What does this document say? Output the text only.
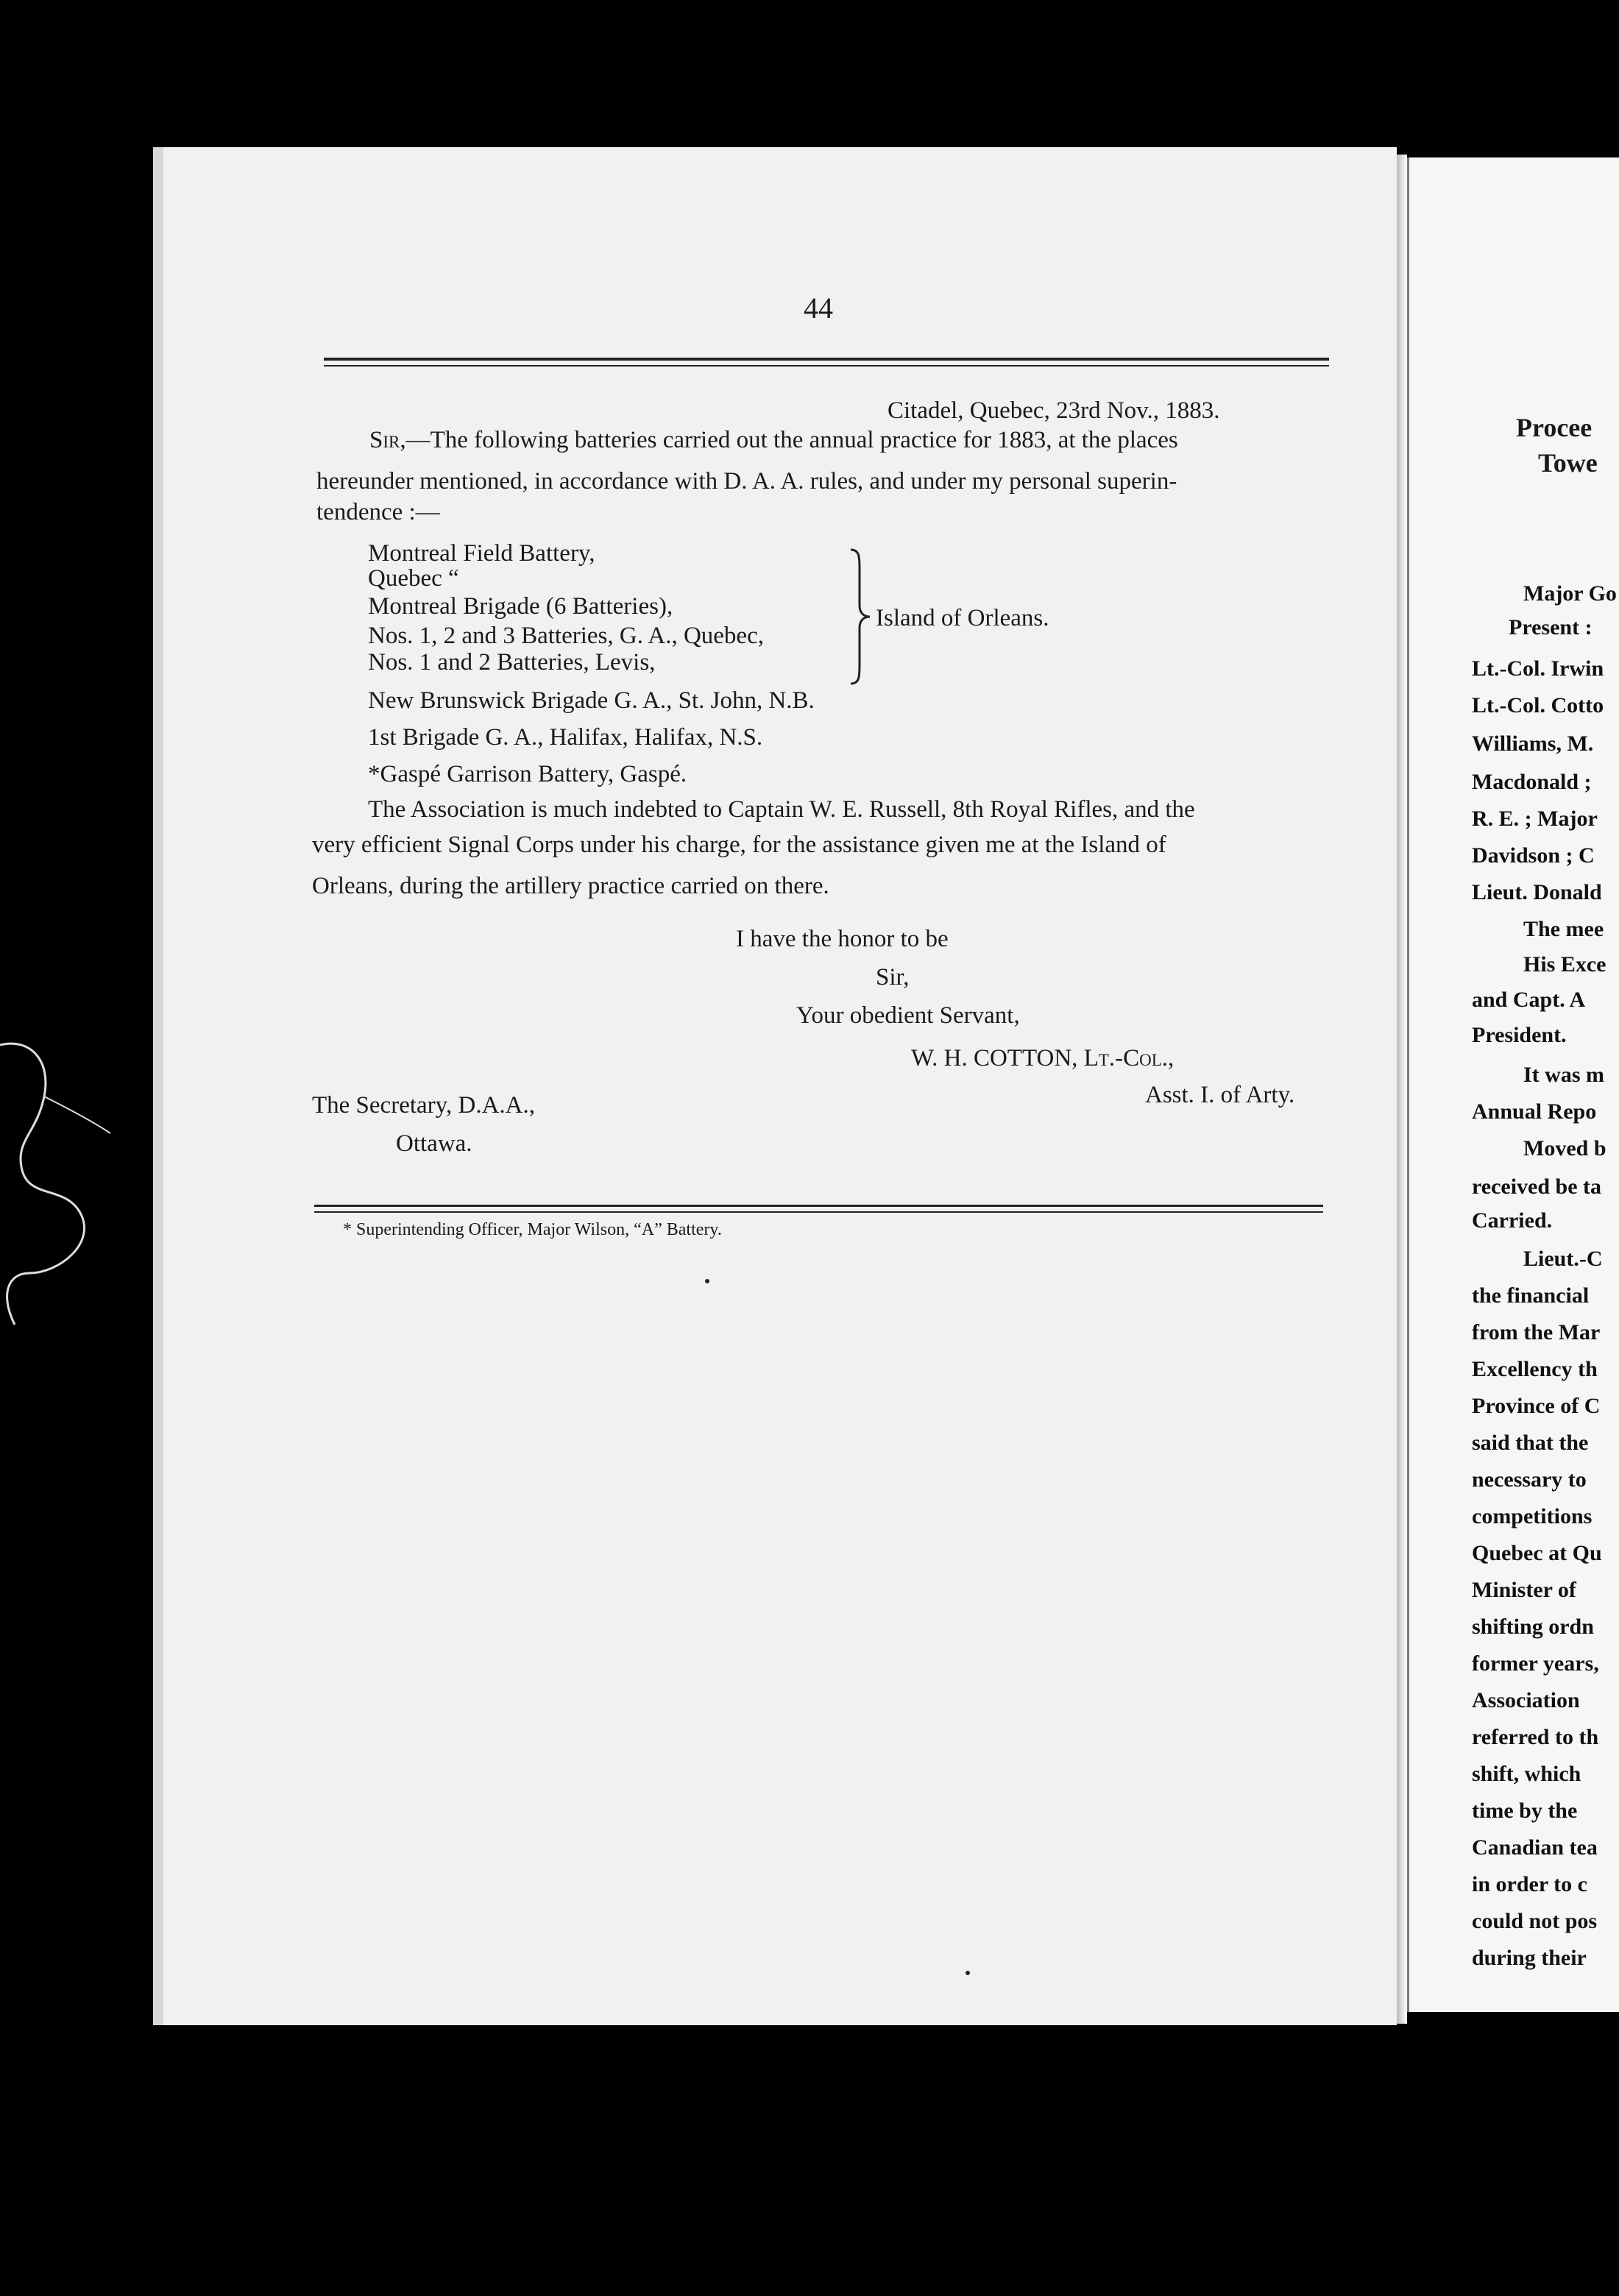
44
Citadel, Quebec, 23rd Nov., 1883.
Sir,—The following batteries carried out the annual practice for 1883, at the places
hereunder mentioned, in accordance with D. A. A. rules, and under my personal superin-
tendence :—
Montreal Field Battery,
Quebec “
Montreal Brigade (6 Batteries),
Nos. 1, 2 and 3 Batteries, G. A., Quebec,
Nos. 1 and 2 Batteries, Levis,
Island of Orleans.
New Brunswick Brigade G. A., St. John, N.B.
1st Brigade G. A., Halifax, Halifax, N.S.
*Gaspé Garrison Battery, Gaspé.
The Association is much indebted to Captain W. E. Russell, 8th Royal Rifles, and the
very efficient Signal Corps under his charge, for the assistance given me at the Island of
Orleans, during the artillery practice carried on there.
I have the honor to be
Sir,
Your obedient Servant,
W. H. COTTON, Lt.-Col.,
Asst. I. of Arty.
The Secretary, D.A.A.,
Ottawa.
* Superintending Officer, Major Wilson, “A” Battery.
Procee
Towe
Major Go
Present :
Lt.-Col. Irwin
Lt.-Col. Cotto
Williams, M.
Macdonald ;
R. E. ; Major
Davidson ; C
Lieut. Donald
The mee
His Exce
and Capt. A
President.
It was m
Annual Repo
Moved b
received be ta
Carried.
Lieut.-C
the financial
from the Mar
Excellency th
Province of C
said that the
necessary to
competitions
Quebec at Qu
Minister of
shifting ordn
former years,
Association
referred to th
shift, which
time by the
Canadian tea
in order to c
could not pos
during their
